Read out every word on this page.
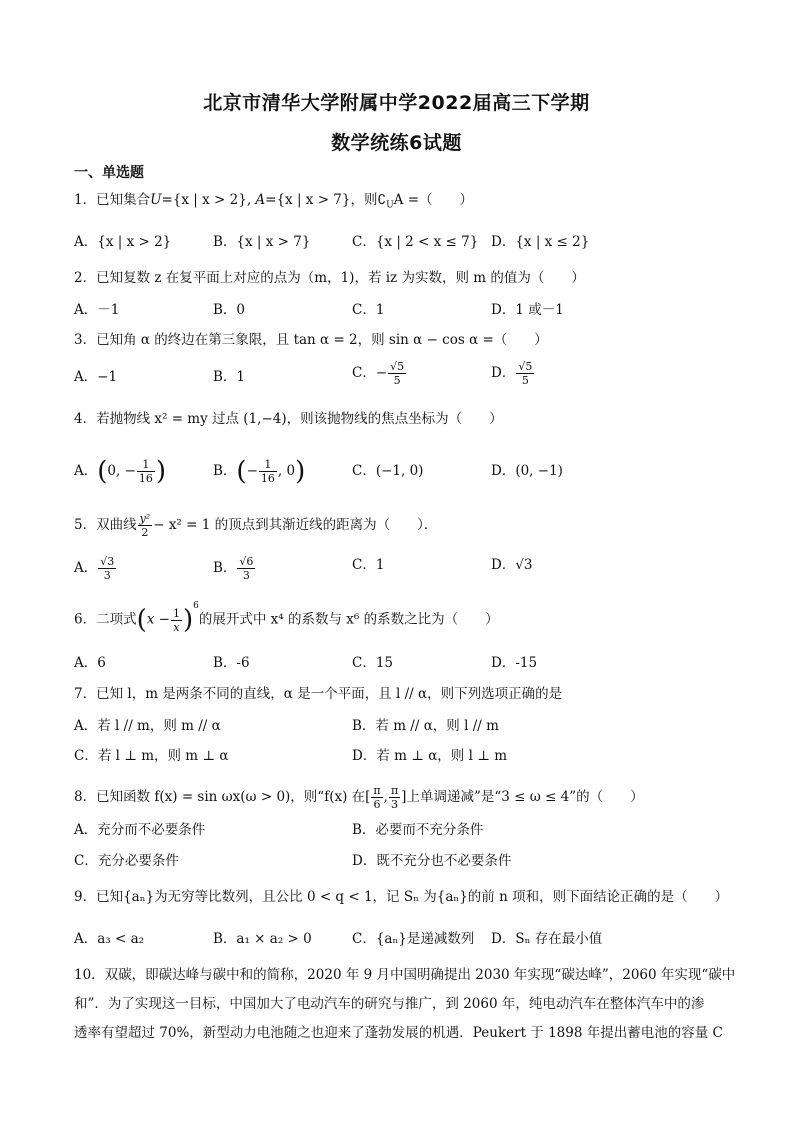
北京市清华大学附属中学2022届高三下学期
数学统练6试题
一、单选题
1．已知集合U={x | x > 2}, A={x | x > 7}，则$∁_UA$ =（　　）
A．{x | x > 2}	B．{x | x > 7}	C．{x | 2 < x ≤ 7} D．{x | x ≤ 2}
2．已知复数 z 在复平面上对应的点为（m，1)，若 iz 为实数，则 m 的值为（　　）
A．－1	B．0	C．1	D．1 或－1
3．已知角 α 的终边在第三象限，且 tan α = 2，则 sin α − cos α =（　　）
A．−1	B．1	C．− $\frac{√5}{5}$	D． $\frac{√5}{5}$
4．若抛物线 x² = my 过点 (1,−4)，则该抛物线的焦点坐标为（　　）
A．(0, − $\frac{1}{16}$ )	B．(− $\frac{1}{16}$ , 0)	C．(−1, 0)	D．(0, −1)
5．双曲线 $\frac{\text{y²}}{2} - x^2 = 1$ 的顶点到其渐近线的距离为（　　）．
A． $\frac{√3}{3}$	B． $\frac{√6}{3}$	C．1	D．√3
6．二项式$(x - \frac{1}{x} )^6$的展开式中 x⁴ 的系数与 x⁶ 的系数之比为（　　）
A．6	B．-6	C．15	D．-15
7．已知 l，m 是两条不同的直线，α 是一个平面，且 l // α，则下列选项正确的是
A．若 l // m，则 m // α	B．若 m // α，则 l // m
C．若 l ⊥ m，则 m ⊥ α	D．若 m ⊥ α，则 l ⊥ m
8．已知函数 f(x) = sin ωx(ω > 0)，则“f(x) 在[ $\frac{\pi}{6}$ , $\frac{\pi}{3}$ ]上单调递减”是“3 ≤ ω ≤ 4”的（　　）
A．充分而不必要条件	B．必要而不充分条件
C．充分必要条件	D．既不充分也不必要条件
9．已知{aₙ}为无穷等比数列，且公比 0 < q < 1，记 Sₙ 为{aₙ}的前 n 项和，则下面结论正确的是（　　）
A．a₃ < a₂	B．a₁ × a₂ > 0	C．{aₙ}是递减数列 D．Sₙ 存在最小值
10．双碳，即碳达峰与碳中和的简称，2020 年 9 月中国明确提出 2030 年实现“碳达峰”，2060 年实现“碳中
和”．为了实现这一目标，中国加大了电动汽车的研究与推广，到 2060 年，纯电动汽车在整体汽车中的渗
透率有望超过 70%，新型动力电池随之也迎来了蓬勃发展的机遇．Peukert 于 1898 年提出蓄电池的容量 C
